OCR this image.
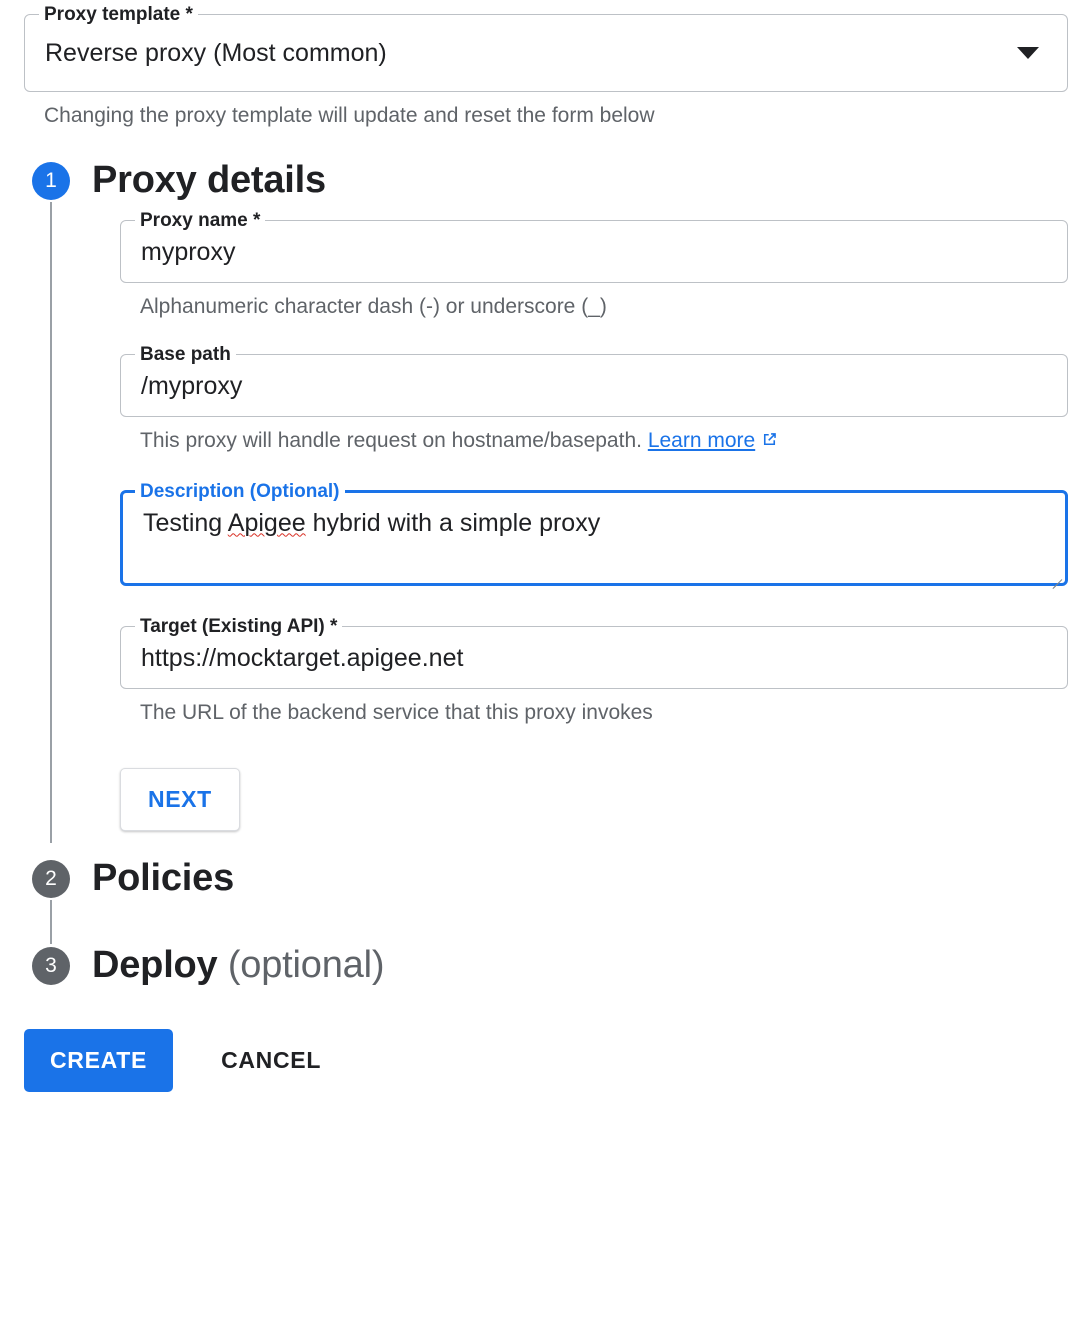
Proxy template *
Reverse proxy (Most common)
Changing the proxy template will update and reset the form below
1 Proxy details
Proxy name *
myproxy
Alphanumeric character dash (-) or underscore (_)
Base path
/myproxy
This proxy will handle request on hostname/basepath. Learn more
Description (Optional)
Testing Apigee hybrid with a simple proxy
Target (Existing API) *
https://mocktarget.apigee.net
The URL of the backend service that this proxy invokes
NEXT
2 Policies
3 Deploy (optional)
CREATE	CANCEL
